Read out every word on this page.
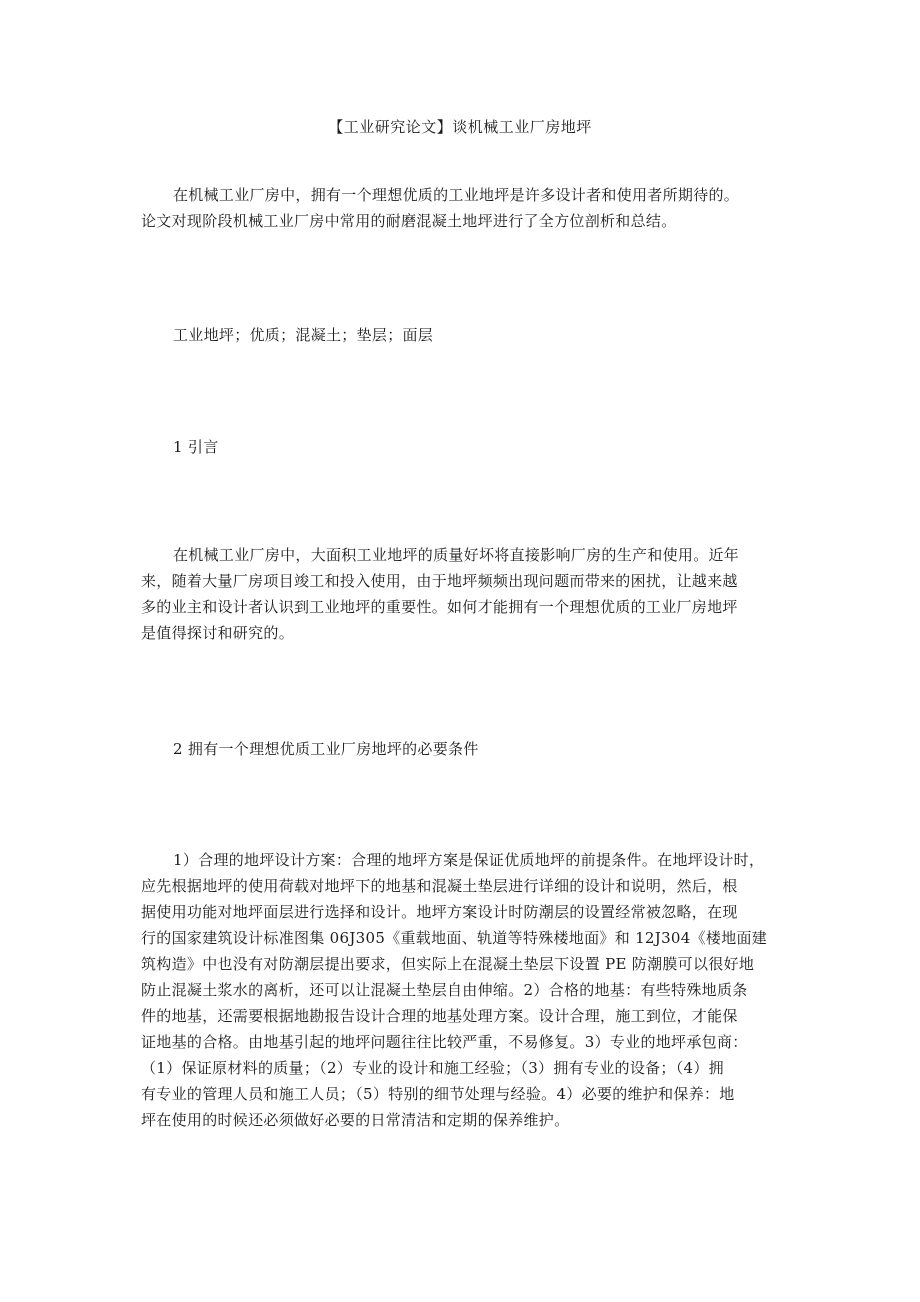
【工业研究论文】谈机械工业厂房地坪
在机械工业厂房中，拥有一个理想优质的工业地坪是许多设计者和使用者所期待的。
论文对现阶段机械工业厂房中常用的耐磨混凝土地坪进行了全方位剖析和总结。
工业地坪；优质；混凝土；垫层；面层
1 引言
在机械工业厂房中，大面积工业地坪的质量好坏将直接影响厂房的生产和使用。近年
来，随着大量厂房项目竣工和投入使用，由于地坪频频出现问题而带来的困扰，让越来越
多的业主和设计者认识到工业地坪的重要性。如何才能拥有一个理想优质的工业厂房地坪
是值得探讨和研究的。
2 拥有一个理想优质工业厂房地坪的必要条件
1）合理的地坪设计方案：合理的地坪方案是保证优质地坪的前提条件。在地坪设计时，
应先根据地坪的使用荷载对地坪下的地基和混凝土垫层进行详细的设计和说明，然后，根
据使用功能对地坪面层进行选择和设计。地坪方案设计时防潮层的设置经常被忽略，在现
行的国家建筑设计标准图集 06J305《重载地面、轨道等特殊楼地面》和 12J304《楼地面建
筑构造》中也没有对防潮层提出要求，但实际上在混凝土垫层下设置 PE 防潮膜可以很好地
防止混凝土浆水的离析，还可以让混凝土垫层自由伸缩。2）合格的地基：有些特殊地质条
件的地基，还需要根据地勘报告设计合理的地基处理方案。设计合理，施工到位，才能保
证地基的合格。由地基引起的地坪问题往往比较严重，不易修复。3）专业的地坪承包商：
（1）保证原材料的质量；（2）专业的设计和施工经验；（3）拥有专业的设备；（4）拥
有专业的管理人员和施工人员；（5）特别的细节处理与经验。4）必要的维护和保养：地
坪在使用的时候还必须做好必要的日常清洁和定期的保养维护。
